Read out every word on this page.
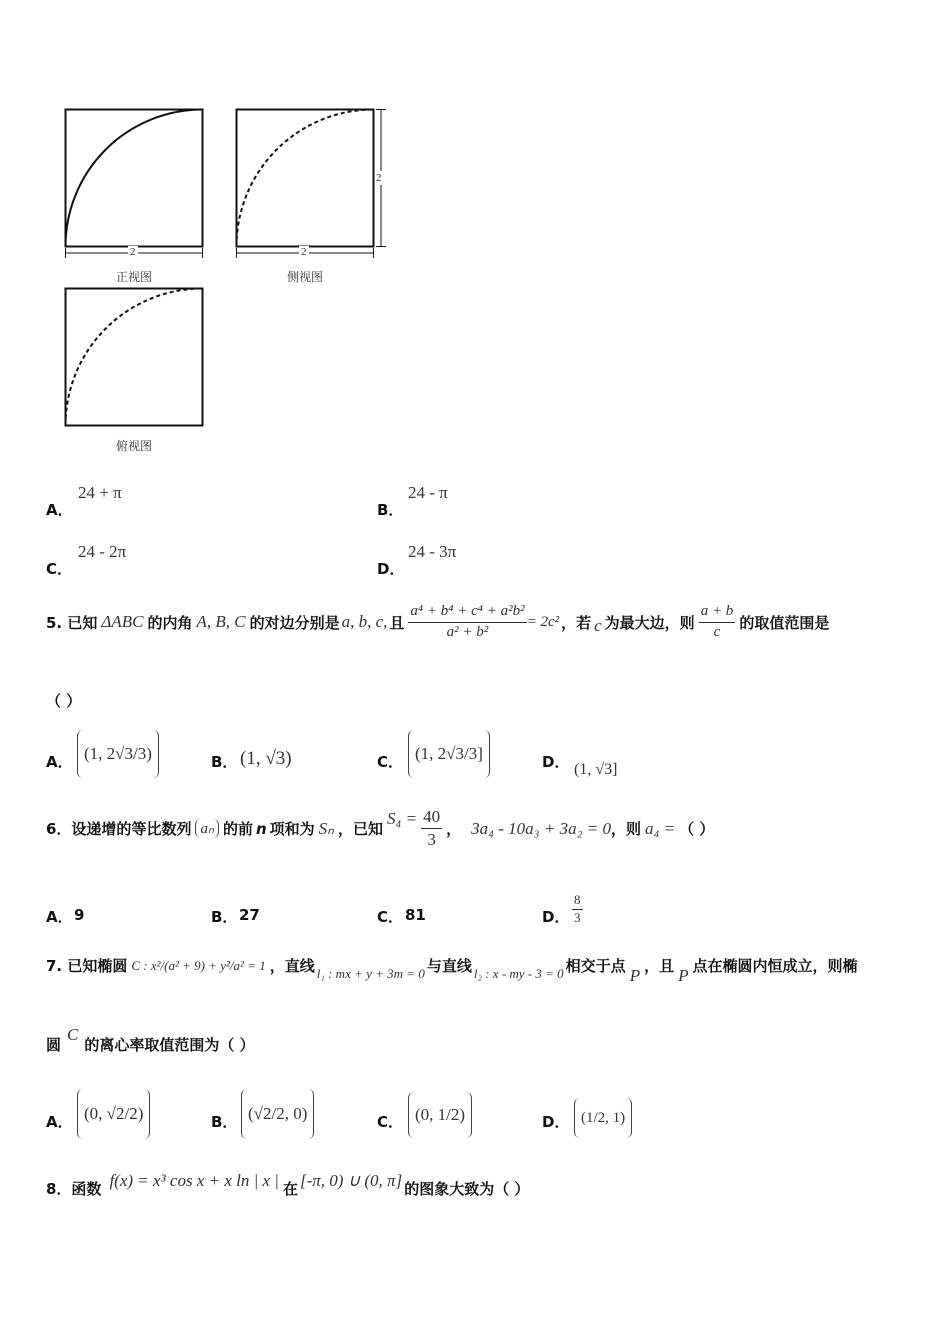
2	2
2
正视图	侧视图
俯视图
A．
24 + π
B．
24 - π
C．
24 - 2π
D．
24 - 3π
5. 已知 ΔABC 的内角 A, B, C 的对边分别是 a, b, c, 且 $\frac{\text{a⁴ + b⁴ + c⁴ + a²b²}}{\text{a² + b²}} = 2c^2$ ，若 c 为最大边，则 $\frac{a + b}{c}$ 的取值范围是
（ ）
A． (1, 2√3/3)	B． (1, √3)	C． (1, 2√3/3]	D． (1, √3]
6．设递增的等比数列 aₙ 的前 n 项和为 Sₙ ，已知
$S_4 = \frac{40}{3}$ ， 3a₄ - 10a₃ + 3a₂ = 0 ，则 a₄ = （ ）
A． 9	B． 27	C． 81	D． $\frac{8}{3}$
7. 已知椭圆 C : x²/(a² + 9) + y²/a² = 1 ，直线 l₁ : mx + y + 3m = 0 与直线 l₂ : x - my - 3 = 0 相交于点 P ，且 P 点在椭圆内恒成立，则椭
圆
C
的离心率取值范围为（ ）
A． (0, √2/2)	B． (√2/2, 0)	C． (0, 1/2)	D． (1/2, 1)
8．函数 f(x) = x³ cos x + x ln | x | 在 [-π, 0) ∪ (0, π] 的图象大致为（ ）
